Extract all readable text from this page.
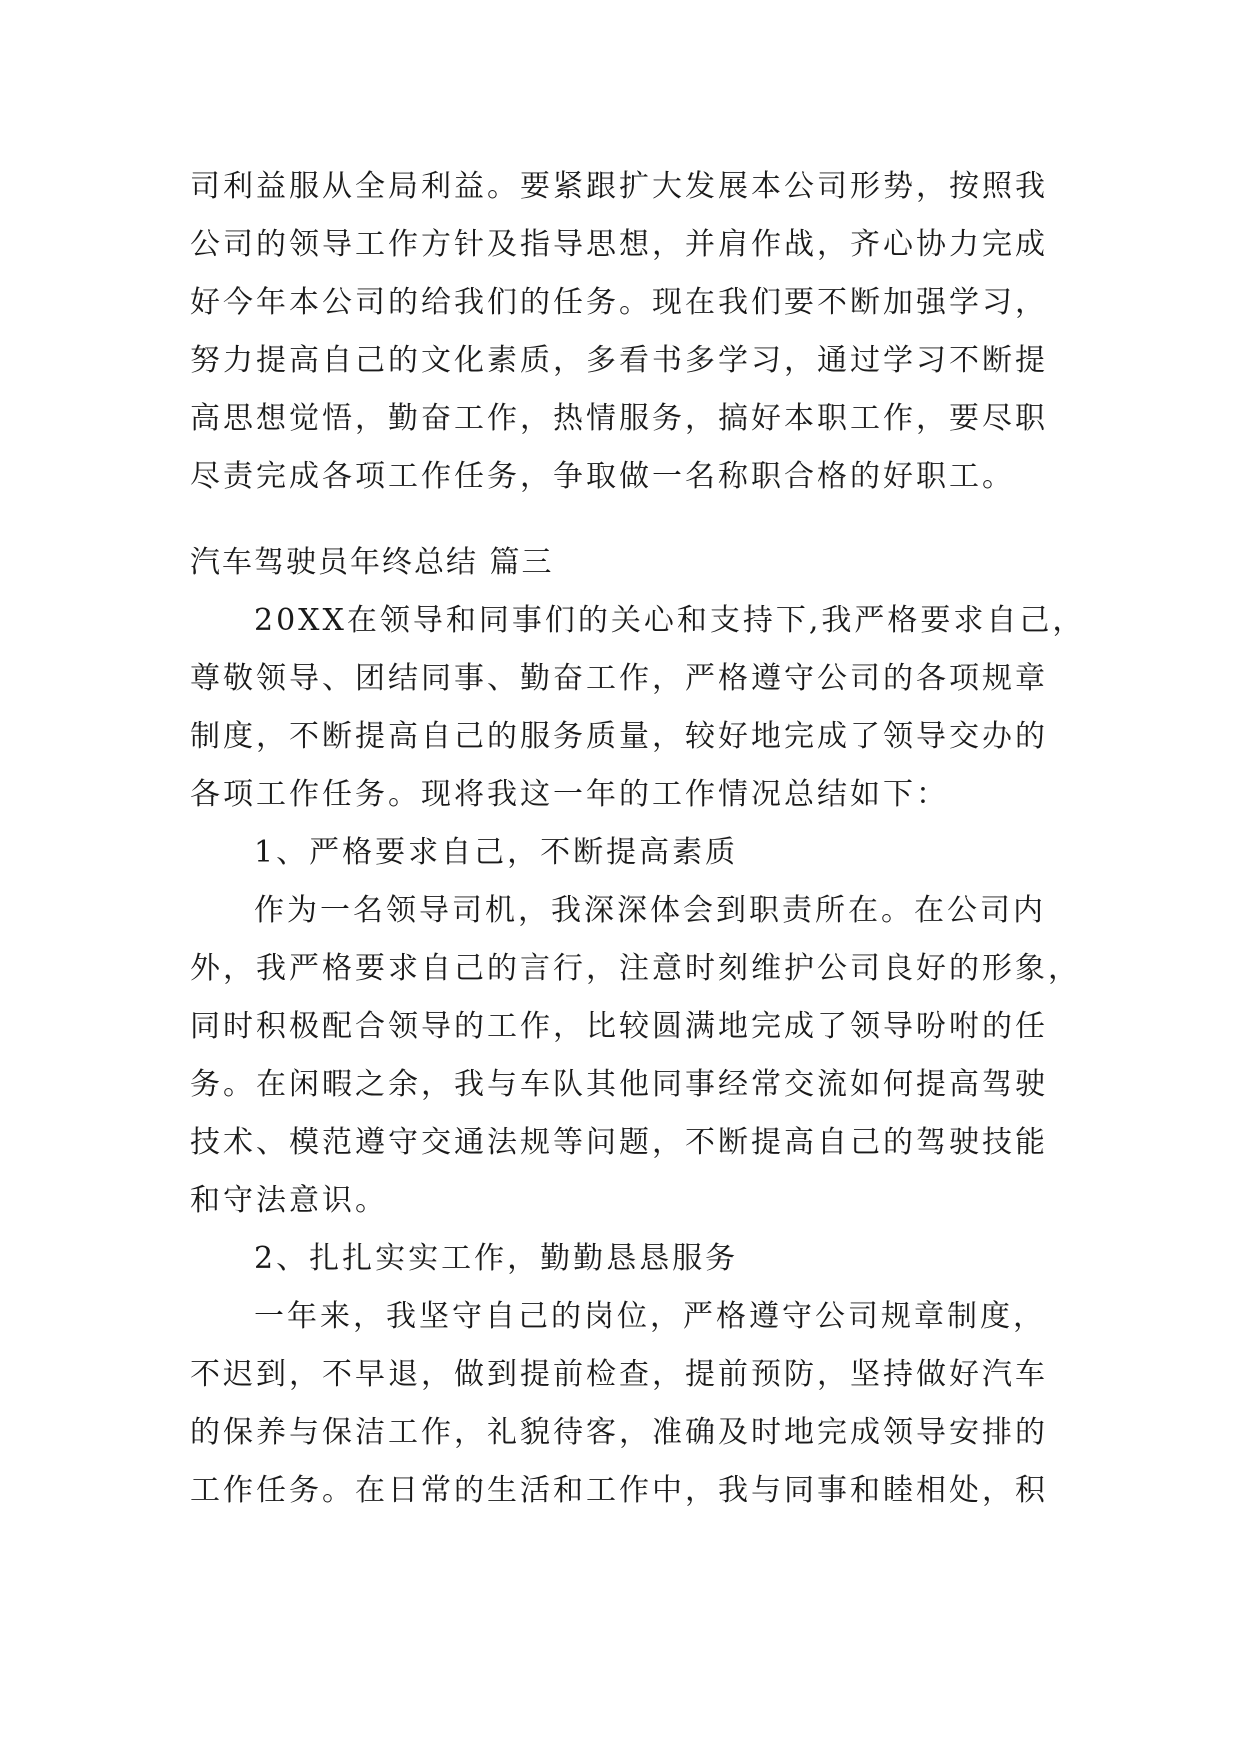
司利益服从全局利益。要紧跟扩大发展本公司形势，按照我
公司的领导工作方针及指导思想，并肩作战，齐心协力完成
好今年本公司的给我们的任务。现在我们要不断加强学习，
努力提高自己的文化素质，多看书多学习，通过学习不断提
高思想觉悟，勤奋工作，热情服务，搞好本职工作，要尽职
尽责完成各项工作任务，争取做一名称职合格的好职工。
汽车驾驶员年终总结 篇三
20XX在领导和同事们的关心和支持下,我严格要求自己，
尊敬领导、团结同事、勤奋工作，严格遵守公司的各项规章
制度，不断提高自己的服务质量，较好地完成了领导交办的
各项工作任务。现将我这一年的工作情况总结如下：
1、严格要求自己，不断提高素质
作为一名领导司机，我深深体会到职责所在。在公司内
外，我严格要求自己的言行，注意时刻维护公司良好的形象，
同时积极配合领导的工作，比较圆满地完成了领导吩咐的任
务。在闲暇之余，我与车队其他同事经常交流如何提高驾驶
技术、模范遵守交通法规等问题，不断提高自己的驾驶技能
和守法意识。
2、扎扎实实工作，勤勤恳恳服务
一年来，我坚守自己的岗位，严格遵守公司规章制度，
不迟到，不早退，做到提前检查，提前预防，坚持做好汽车
的保养与保洁工作，礼貌待客，准确及时地完成领导安排的
工作任务。在日常的生活和工作中，我与同事和睦相处，积
